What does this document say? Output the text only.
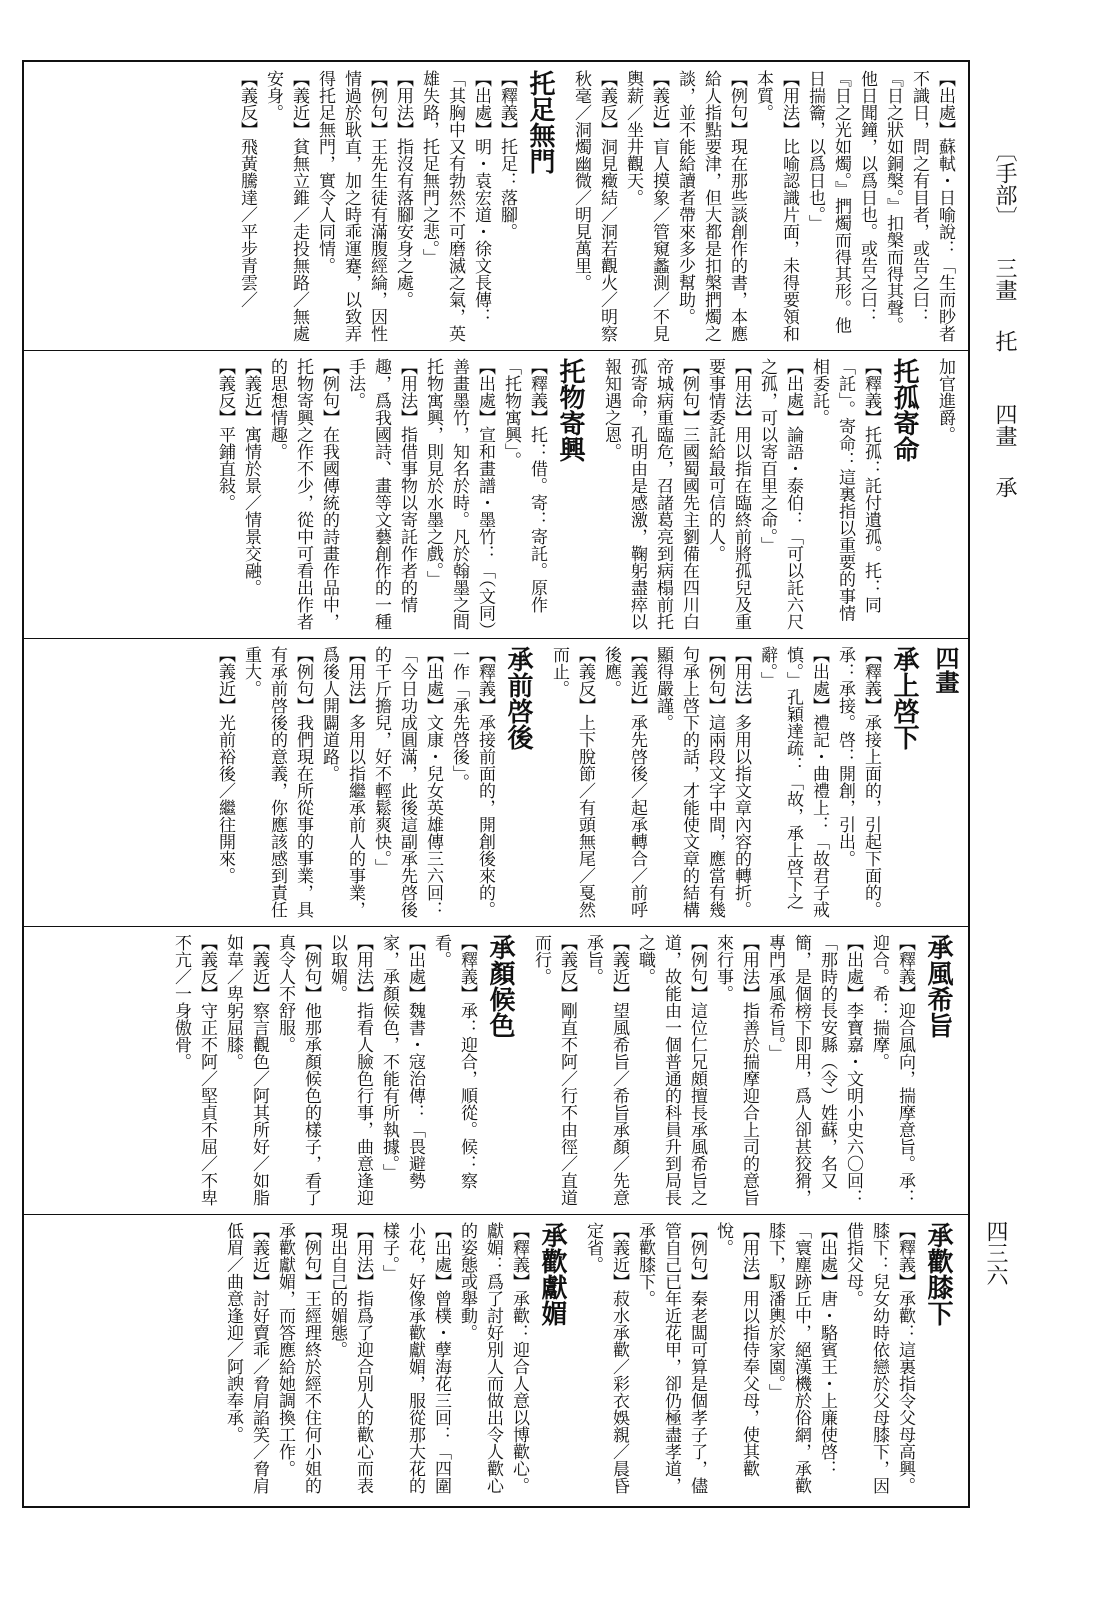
〔手部〕　 三畫　 托　　 四畫　 承
四三六
【出處】蘇軾・日喻說：「生而眇者不識日，問之有目者，或告之曰：『日之狀如銅槃。』扣槃而得其聲。他日聞鐘，以爲日也。或告之曰：『日之光如燭。』捫燭而得其形。他日揣籥，以爲日也。」
【用法】比喻認識片面，未得要領和本質。
【例句】現在那些談創作的書，本應給人指點要津，但大都是扣槃捫燭之談，並不能給讀者帶來多少幫助。
【義近】盲人摸象／管窺蠡測／不見輿薪／坐井觀天。
【義反】洞見癥結／洞若觀火／明察秋毫／洞燭幽微／明見萬里。
托足無門
【釋義】托足：落腳。
【出處】明・袁宏道・徐文長傳：「其胸中又有勃然不可磨滅之氣，英雄失路，托足無門之悲。」
【用法】指沒有落腳安身之處。
【例句】王先生徒有滿腹經綸，因性情過於耿直，加之時乖運蹇，以致弄得托足無門，實令人同情。
【義近】貧無立錐／走投無路／無處安身。
【義反】飛黃騰達／平步青雲／
加官進爵。
托孤寄命
【釋義】托孤：託付遺孤。托：同「託」。寄命：這裏指以重要的事情相委託。
【出處】論語・泰伯：「可以託六尺之孤，可以寄百里之命。」
【用法】用以指在臨終前將孤兒及重要事情委託給最可信的人。
【例句】三國蜀國先主劉備在四川白帝城病重臨危，召諸葛亮到病榻前托孤寄命，孔明由是感激，鞠躬盡瘁以報知遇之恩。
托物寄興
【釋義】托：借。寄：寄託。原作「托物寓興」。
【出處】宣和畫譜・墨竹：「（文同）善畫墨竹，知名於時。凡於翰墨之間托物寓興，則見於水墨之戲。」
【用法】指借事物以寄託作者的情趣，爲我國詩、畫等文藝創作的一種手法。
【例句】在我國傳統的詩畫作品中，托物寄興之作不少，從中可看出作者的思想情趣。
【義近】寓情於景／情景交融。
【義反】平鋪直敍。
四畫
承上啓下
【釋義】承接上面的，引起下面的。承：承接。啓：開創，引出。
【出處】禮記・曲禮上：「故君子戒慎。」孔穎達疏：「故，承上啓下之辭。」
【用法】多用以指文章內容的轉折。
【例句】這兩段文字中間，應當有幾句承上啓下的話，才能使文章的結構顯得嚴謹。
【義近】承先啓後／起承轉合／前呼後應。
【義反】上下脫節／有頭無尾／戛然而止。
承前啓後
【釋義】承接前面的，開創後來的。一作「承先啓後」。
【出處】文康・兒女英雄傳三六回：「今日功成圓滿，此後這副承先啓後的千斤擔兒，好不輕鬆爽快。」
【用法】多用以指繼承前人的事業，爲後人開闢道路。
【例句】我們現在所從事的事業，具有承前啓後的意義，你應該感到責任重大。
【義近】光前裕後／繼往開來。
承風希旨
【釋義】迎合風向，揣摩意旨。承：迎合。希：揣摩。
【出處】李寶嘉・文明小史六〇回：「那時的長安縣（令）姓蘇，名又簡，是個榜下即用，爲人卻甚狡猾，專門承風希旨。」
【用法】指善於揣摩迎合上司的意旨來行事。
【例句】這位仁兄頗擅長承風希旨之道，故能由一個普通的科員升到局長之職。
【義近】望風希旨／希旨承顏／先意承旨。
【義反】剛直不阿／行不由徑／直道而行。
承顏候色
【釋義】承：迎合，順從。候：察看。
【出處】魏書・寇治傳：「畏避勢家，承顏候色，不能有所執據。」
【用法】指看人臉色行事，曲意逢迎以取媚。
【例句】他那承顏候色的樣子，看了真令人不舒服。
【義近】察言觀色／阿其所好／如脂如韋／卑躬屈膝。
【義反】守正不阿／堅貞不屈／不卑不亢／一身傲骨。
承歡膝下
【釋義】承歡：這裏指令父母高興。膝下：兒女幼時依戀於父母膝下，因借指父母。
【出處】唐・駱賓王・上廉使啓：「寰塵跡丘中，絕漢機於俗網，承歡膝下，馭潘輿於家園。」
【用法】用以指侍奉父母，使其歡悅。
【例句】秦老闆可算是個孝子了，儘管自己已年近花甲，卻仍極盡孝道，承歡膝下。
【義近】菽水承歡／彩衣娛親／晨昏定省。
承歡獻媚
【釋義】承歡：迎合人意以博歡心。獻媚：爲了討好別人而做出令人歡心的姿態或舉動。
【出處】曾樸・孽海花三回：「四圍小花，好像承歡獻媚，服從那大花的樣子。」
【用法】指爲了迎合別人的歡心而表現出自己的媚態。
【例句】王經理終於經不住何小姐的承歡獻媚，而答應給她調換工作。
【義近】討好賣乖／脅肩諂笑／脅肩低眉／曲意逢迎／阿諛奉承。
